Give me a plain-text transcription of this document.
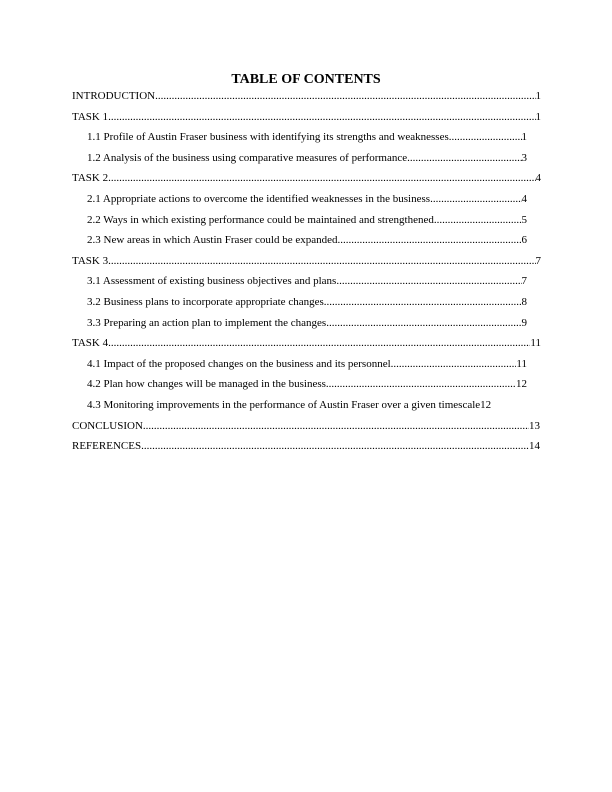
TABLE OF CONTENTS
INTRODUCTION .....	1
TASK 1 .....	1
1.1 Profile of Austin Fraser business with identifying its strengths and weaknesses .....	1
1.2 Analysis of the business using comparative measures of performance .....	3
TASK 2 .....	4
2.1 Appropriate actions to overcome the identified weaknesses in the business .....	4
2.2 Ways in which existing performance could be maintained and strengthened .....	5
2.3 New areas in which Austin Fraser could be expanded .....	6
TASK 3 .....	7
3.1 Assessment of existing business objectives and plans .....	7
3.2 Business plans to incorporate appropriate changes .....	8
3.3 Preparing an action plan to implement the changes .....	9
TASK 4 .....	11
4.1 Impact of the proposed changes on the business and its personnel .....	11
4.2 Plan how changes will be managed in the business .....	12
4.3 Monitoring improvements in the performance of Austin Fraser over a given timescale 12
CONCLUSION .....	13
REFERENCES .....	14
